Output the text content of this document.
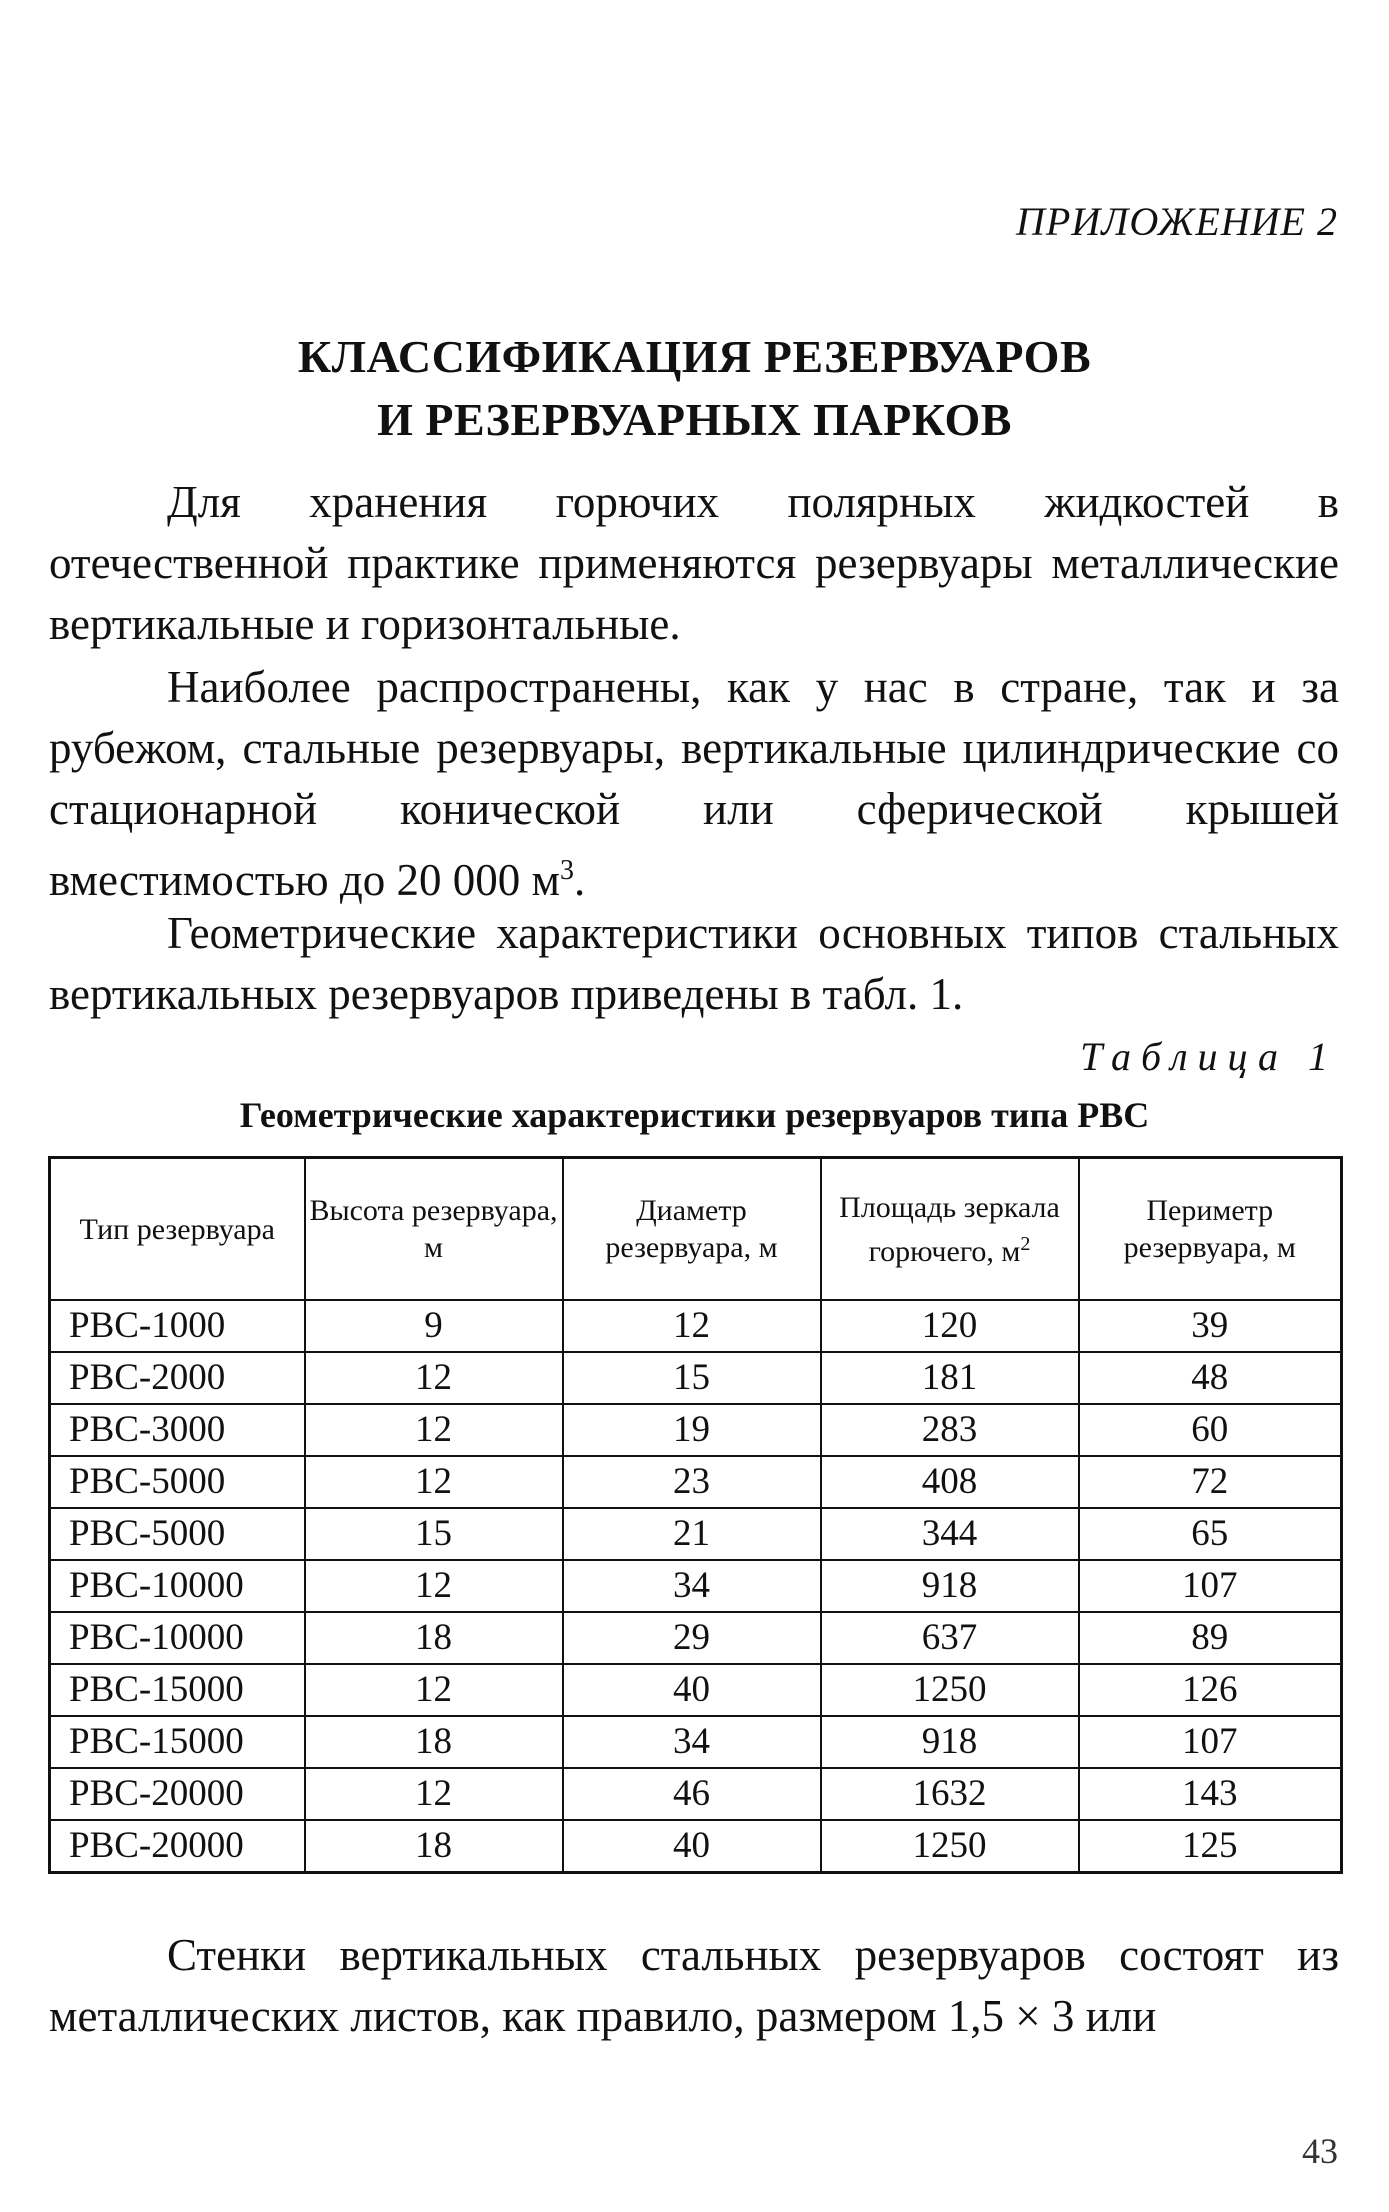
ПРИЛОЖЕНИЕ 2
КЛАССИФИКАЦИЯ РЕЗЕРВУАРОВ
И РЕЗЕРВУАРНЫХ ПАРКОВ

Для хранения горючих полярных жидкостей в отечественной практике применяются резервуары металлические вертикальные и горизонтальные.

Наиболее распространены, как у нас в стране, так и за рубежом, стальные резервуары, вертикальные цилиндрические со стационарной конической или сферической крышей вместимостью до 20 000 $м^3$.

Геометрические характеристики основных типов стальных вертикальных резервуаров приведены в табл. 1.

Таблица 1
Геометрические характеристики резервуаров типа РВС
Тип резервуара	Высота резервуара, м	Диаметр резервуара, м	Площадь зеркала горючего, $м^2$	Периметр резервуара, м
РВС-1000	9	12	120	39
РВС-2000	12	15	181	48
РВС-3000	12	19	283	60
РВС-5000	12	23	408	72
РВС-5000	15	21	344	65
РВС-10000	12	34	918	107
РВС-10000	18	29	637	89
РВС-15000	12	40	1250	126
РВС-15000	18	34	918	107
РВС-20000	12	46	1632	143
РВС-20000	18	40	1250	125

Стенки вертикальных стальных резервуаров состоят из металлических листов, как правило, размером 1,5 × 3 или

43
